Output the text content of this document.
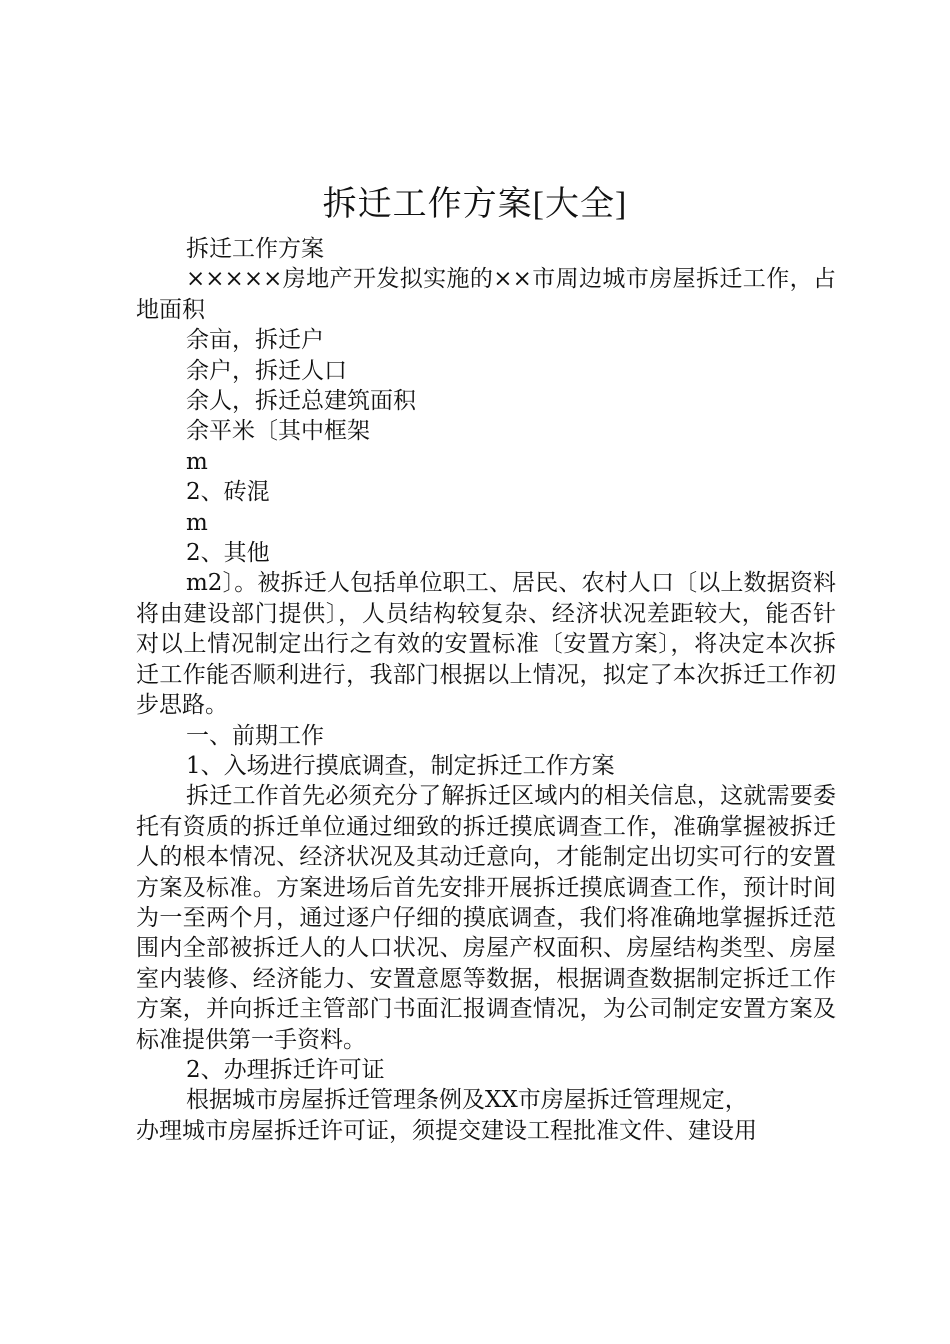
拆迁工作方案[大全]

拆迁工作方案

×××××房地产开发拟实施的××市周边城市房屋拆迁工作，占地面积

余亩，拆迁户

余户，拆迁人口

余人，拆迁总建筑面积

余平米〔其中框架

m

2、砖混

m

2、其他

m2〕。被拆迁人包括单位职工、居民、农村人口〔以上数据资料将由建设部门提供〕，人员结构较复杂、经济状况差距较大，能否针对以上情况制定出行之有效的安置标准〔安置方案〕，将决定本次拆迁工作能否顺利进行，我部门根据以上情况，拟定了本次拆迁工作初步思路。

一、前期工作

1、入场进行摸底调查，制定拆迁工作方案

拆迁工作首先必须充分了解拆迁区域内的相关信息，这就需要委托有资质的拆迁单位通过细致的拆迁摸底调查工作，准确掌握被拆迁人的根本情况、经济状况及其动迁意向，才能制定出切实可行的安置方案及标准。方案进场后首先安排开展拆迁摸底调查工作，预计时间为一至两个月，通过逐户仔细的摸底调查，我们将准确地掌握拆迁范围内全部被拆迁人的人口状况、房屋产权面积、房屋结构类型、房屋室内装修、经济能力、安置意愿等数据，根据调查数据制定拆迁工作方案，并向拆迁主管部门书面汇报调查情况，为公司制定安置方案及标准提供第一手资料。

2、办理拆迁许可证

根据城市房屋拆迁管理条例及XX市房屋拆迁管理规定，

办理城市房屋拆迁许可证，须提交建设工程批准文件、建设用
